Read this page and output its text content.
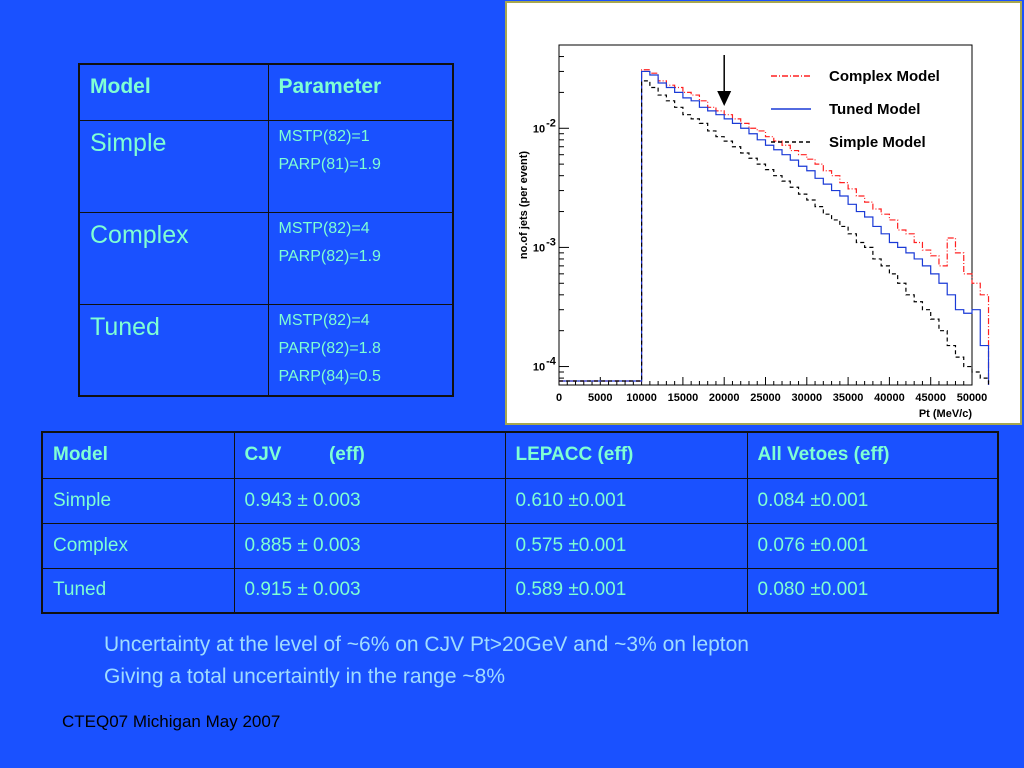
Model	Parameter
Simple	MSTP(82)=1
PARP(81)=1.9

Complex	MSTP(82)=4
PARP(82)=1.9

Tuned	MSTP(82)=4
PARP(82)=1.8
PARP(84)=0.5
0 5000 10000 15000 20000 25000 30000 35000 40000 45000 50000
10 -2
10 -3
10 -4
Complex Model
Tuned Model
Simple Model
Pt (MeV/c)
no.of jets (per event)
Model	CJV         (eff)	LEPACC (eff)	All Vetoes (eff)
Simple	0.943 ± 0.003	0.610 ±0.001	0.084 ±0.001
Complex	0.885 ± 0.003	0.575 ±0.001	0.076 ±0.001
Tuned	0.915 ± 0.003	0.589 ±0.001	0.080 ±0.001
Uncertainty at the level of ~6% on CJV Pt>20GeV and ~3% on lepton
Giving a total uncertaintly in the range ~8%
CTEQ07 Michigan May 2007
